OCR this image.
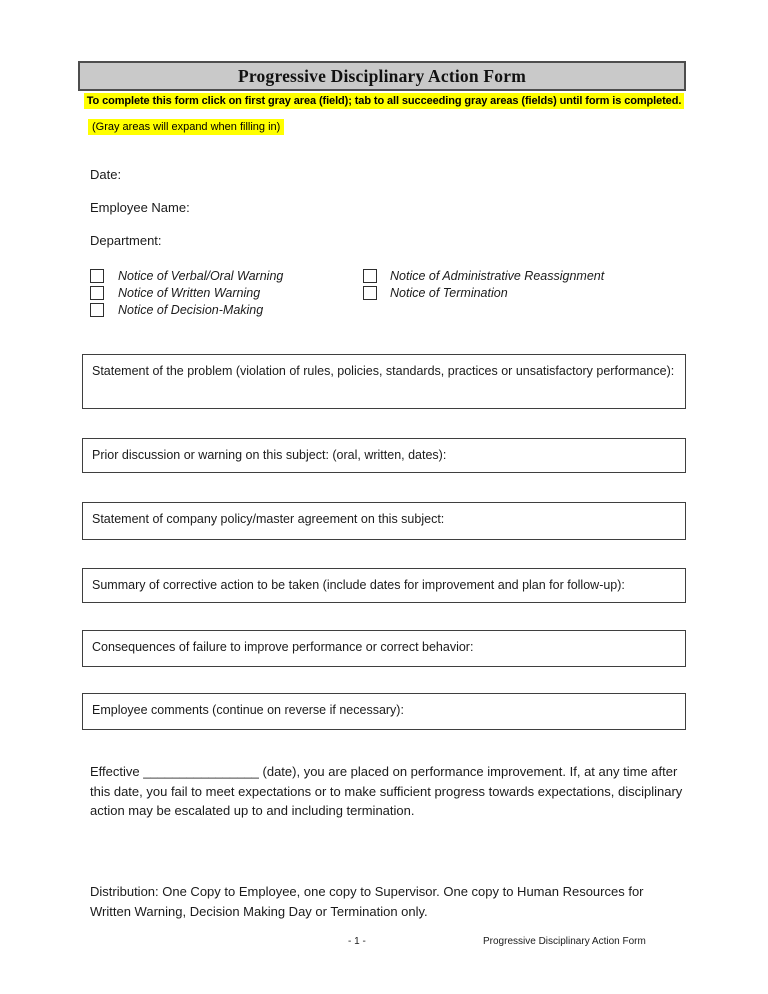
Progressive Disciplinary Action Form
To complete this form click on first gray area (field); tab to all succeeding gray areas (fields) until form is completed.
(Gray areas will expand when filling in)
Date:
Employee Name:
Department:
Notice of Verbal/Oral Warning
Notice of Written Warning
Notice of Decision-Making
Notice of Administrative Reassignment
Notice of Termination
Statement of the problem (violation of rules, policies, standards, practices or unsatisfactory performance):
Prior discussion or warning on this subject: (oral, written, dates):
Statement of company policy/master agreement on this subject:
Summary of corrective action to be taken (include dates for improvement and plan for follow-up):
Consequences of failure to improve performance or correct behavior:
Employee comments (continue on reverse if necessary):
Effective ________________ (date), you are placed on performance improvement. If, at any time after this date, you fail to meet expectations or to make sufficient progress towards expectations, disciplinary action may be escalated up to and including termination.
Distribution: One Copy to Employee, one copy to Supervisor. One copy to Human Resources for Written Warning, Decision Making Day or Termination only.
- 1 -	Progressive Disciplinary Action Form
